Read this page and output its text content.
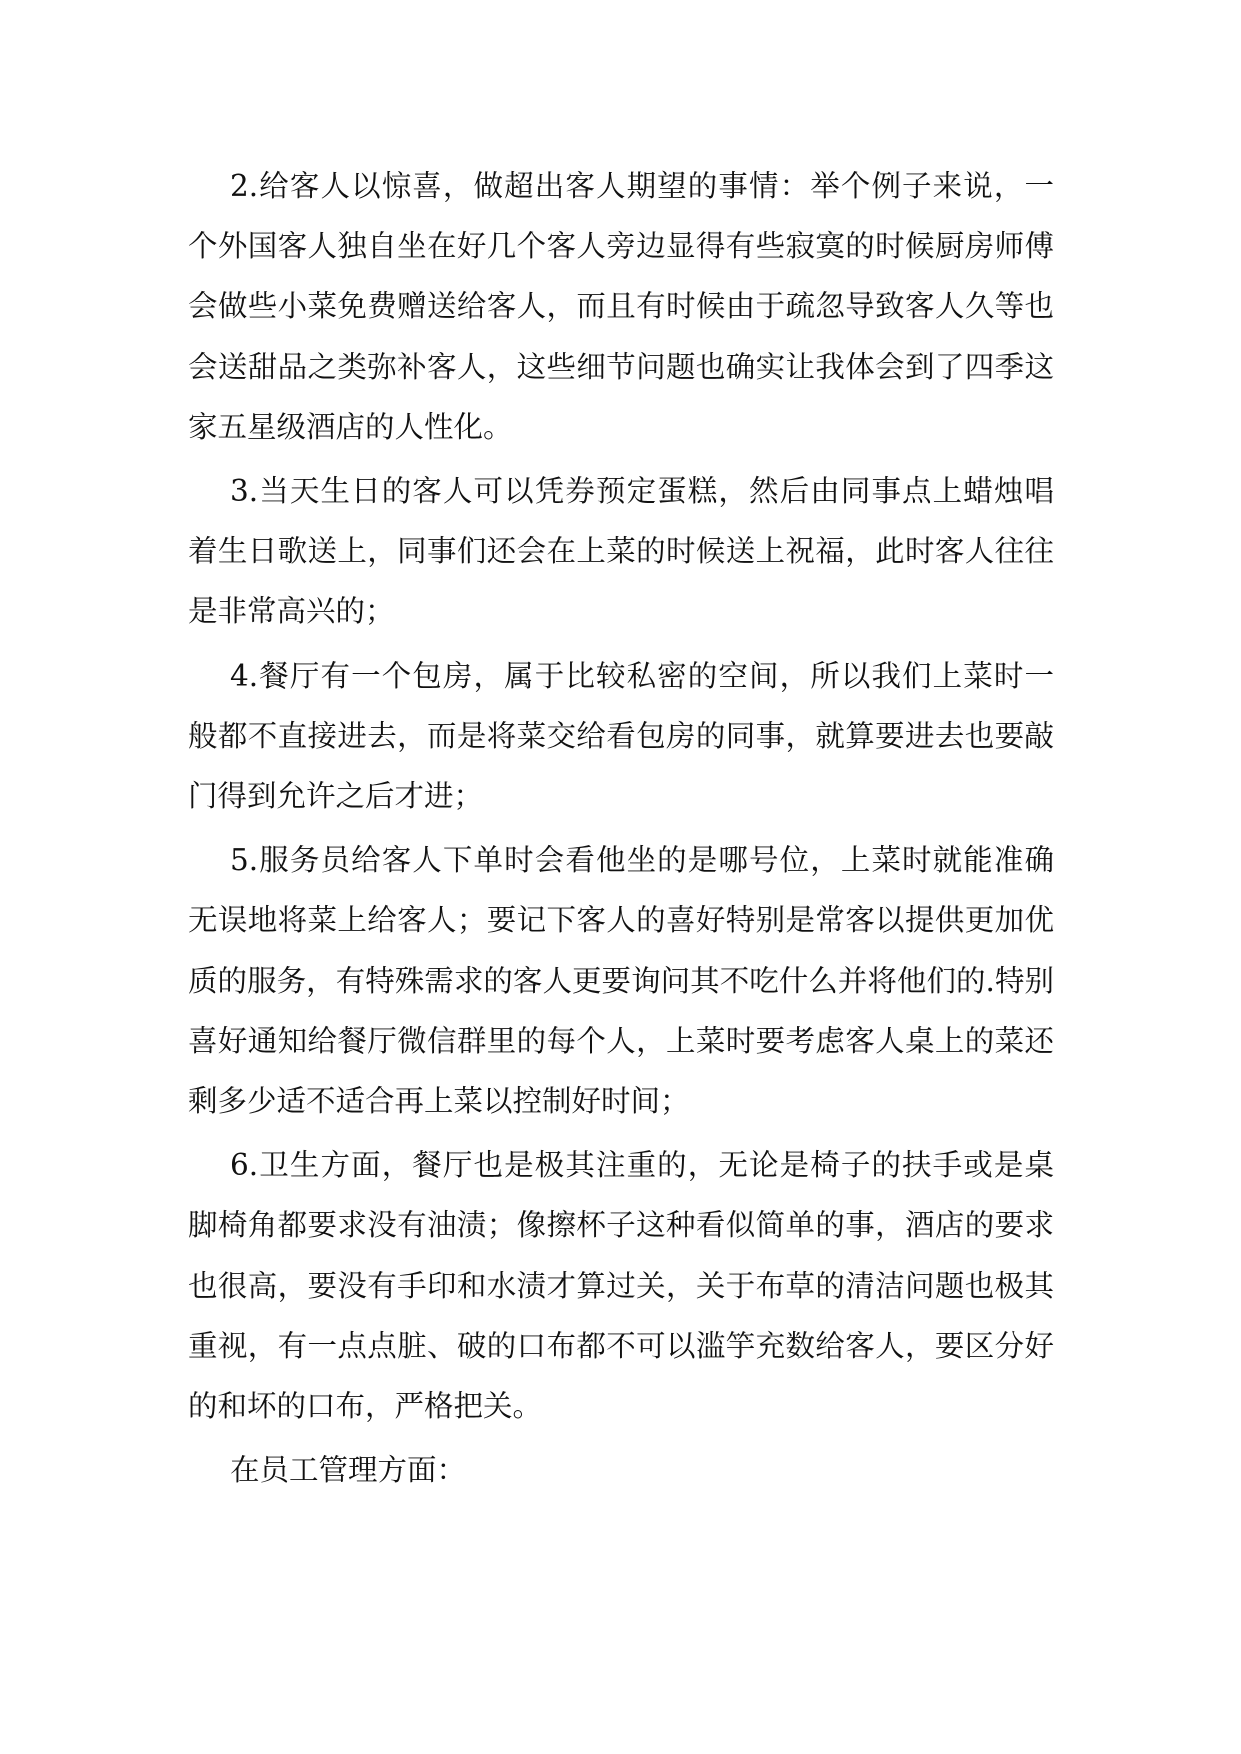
2.给客人以惊喜，做超出客人期望的事情：举个例子来说，一个外国客人独自坐在好几个客人旁边显得有些寂寞的时候厨房师傅会做些小菜免费赠送给客人，而且有时候由于疏忽导致客人久等也会送甜品之类弥补客人，这些细节问题也确实让我体会到了四季这家五星级酒店的人性化。

3.当天生日的客人可以凭券预定蛋糕，然后由同事点上蜡烛唱着生日歌送上，同事们还会在上菜的时候送上祝福，此时客人往往是非常高兴的；

4.餐厅有一个包房，属于比较私密的空间，所以我们上菜时一般都不直接进去，而是将菜交给看包房的同事，就算要进去也要敲门得到允许之后才进；

5.服务员给客人下单时会看他坐的是哪号位，上菜时就能准确无误地将菜上给客人；要记下客人的喜好特别是常客以提供更加优质的服务，有特殊需求的客人更要询问其不吃什么并将他们的.特别喜好通知给餐厅微信群里的每个人，上菜时要考虑客人桌上的菜还剩多少适不适合再上菜以控制好时间；

6.卫生方面，餐厅也是极其注重的，无论是椅子的扶手或是桌脚椅角都要求没有油渍；像擦杯子这种看似简单的事，酒店的要求也很高，要没有手印和水渍才算过关，关于布草的清洁问题也极其重视，有一点点脏、破的口布都不可以滥竽充数给客人，要区分好的和坏的口布，严格把关。

在员工管理方面：
